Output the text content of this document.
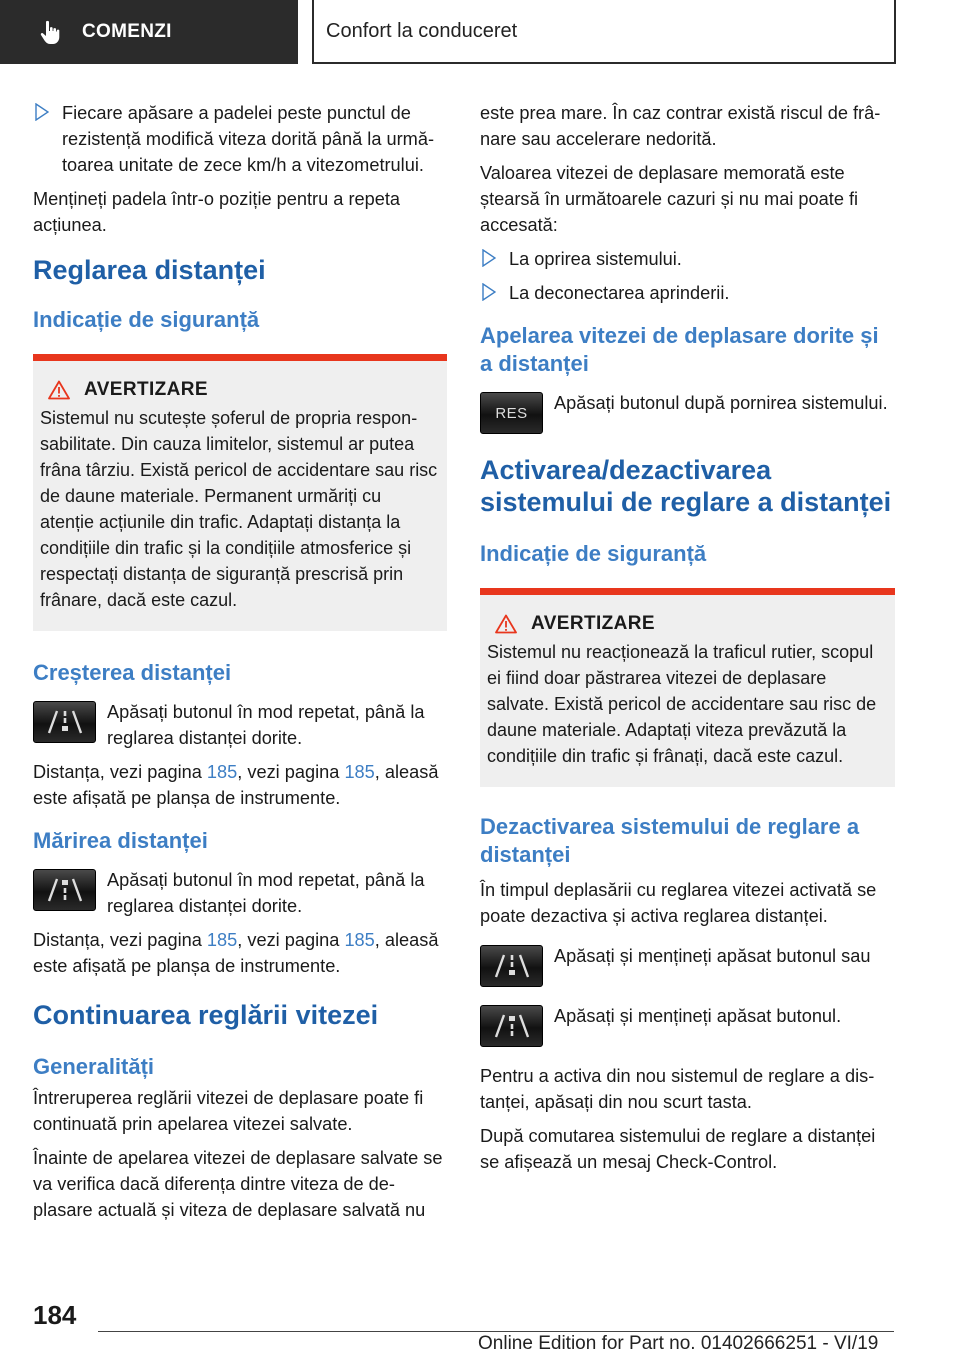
COMENZI	Confort la conduceret
Fiecare apăsare a padelei peste punctul de rezistență modifică viteza dorită până la următoarea unitate de zece km/h a vitezometrului.

Mențineți padela într-o poziție pentru a repeta acțiunea.

Reglarea distanței
Indicație de siguranță
AVERTIZARE

Sistemul nu scutește șoferul de propria responsabilitate. Din cauza limitelor, sistemul ar putea frâna târziu. Există pericol de accidentare sau risc de daune materiale. Permanent urmăriți cu atenție acțiunile din trafic. Adaptați distanța la condițiile din trafic și la condițiile atmosferice și respectați distanța de siguranță prescrisă prin frânare, dacă este cazul.

Creșterea distanței

Apăsați butonul în mod repetat, până la reglarea distanței dorite.

Distanța, vezi pagina 185, vezi pagina 185, aleasă este afișată pe planșa de instrumente.

Mărirea distanței

Apăsați butonul în mod repetat, până la reglarea distanței dorite.

Distanța, vezi pagina 185, vezi pagina 185, aleasă este afișată pe planșa de instrumente.

Continuarea reglării vitezei
Generalități

Întreruperea reglării vitezei de deplasare poate fi continuată prin apelarea vitezei salvate.

Înainte de apelarea vitezei de deplasare salvate se va verifica dacă diferența dintre viteza de deplasare actuală și viteza de deplasare salvată nu

este prea mare. În caz contrar există riscul de frânare sau accelerare nedorită.

Valoarea vitezei de deplasare memorată este ștearsă în următoarele cazuri și nu mai poate fi accesată:

La oprirea sistemului.
La deconectarea aprinderii.
Apelarea vitezei de deplasare dorite și a distanței
RES Apăsați butonul după pornirea sistemului.

Activarea/dezactivarea sistemului de reglare a distanței
Indicație de siguranță
AVERTIZARE

Sistemul nu reacționează la traficul rutier, scopul ei fiind doar păstrarea vitezei de deplasare salvate. Există pericol de accidentare sau risc de daune materiale. Adaptați viteza prevăzută la condițiile din trafic și frânați, dacă este cazul.

Dezactivarea sistemului de reglare a distanței

În timpul deplasării cu reglarea vitezei activată se poate dezactiva și activa reglarea distanței.

Apăsați și mențineți apăsat butonul sau

Apăsați și mențineți apăsat butonul.

Pentru a activa din nou sistemul de reglare a distanței, apăsați din nou scurt tasta.

După comutarea sistemului de reglare a distanței se afișează un mesaj Check-Control.

184
Online Edition for Part no. 01402666251 - VI/19
